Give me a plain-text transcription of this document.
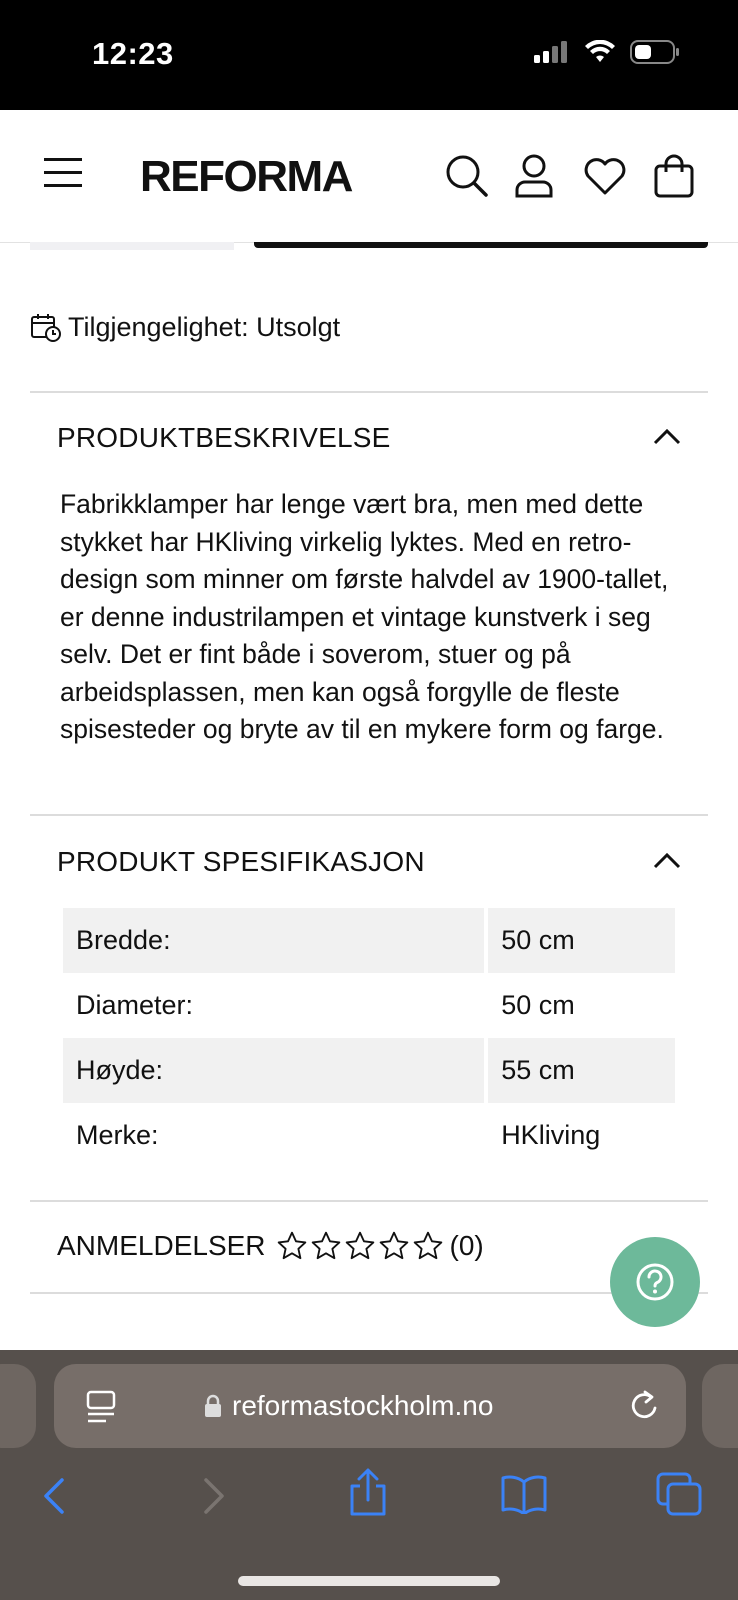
12:23
REFORMA
Tilgjengelighet: Utsolgt
PRODUKTBESKRIVELSE
Fabrikklamper har lenge vært bra, men med dette stykket har HKliving virkelig lyktes. Med en retro-design som minner om første halvdel av 1900-tallet, er denne industrilampen et vintage kunstverk i seg selv. Det er fint både i soverom, stuer og på arbeidsplassen, men kan også forgylle de fleste spisesteder og bryte av til en mykere form og farge.
PRODUKT SPESIFIKASJON
Bredde:	50 cm
Diameter:	50 cm
Høyde:	55 cm
Merke:	HKliving
ANMELDELSER	(0)
reformastockholm.no
